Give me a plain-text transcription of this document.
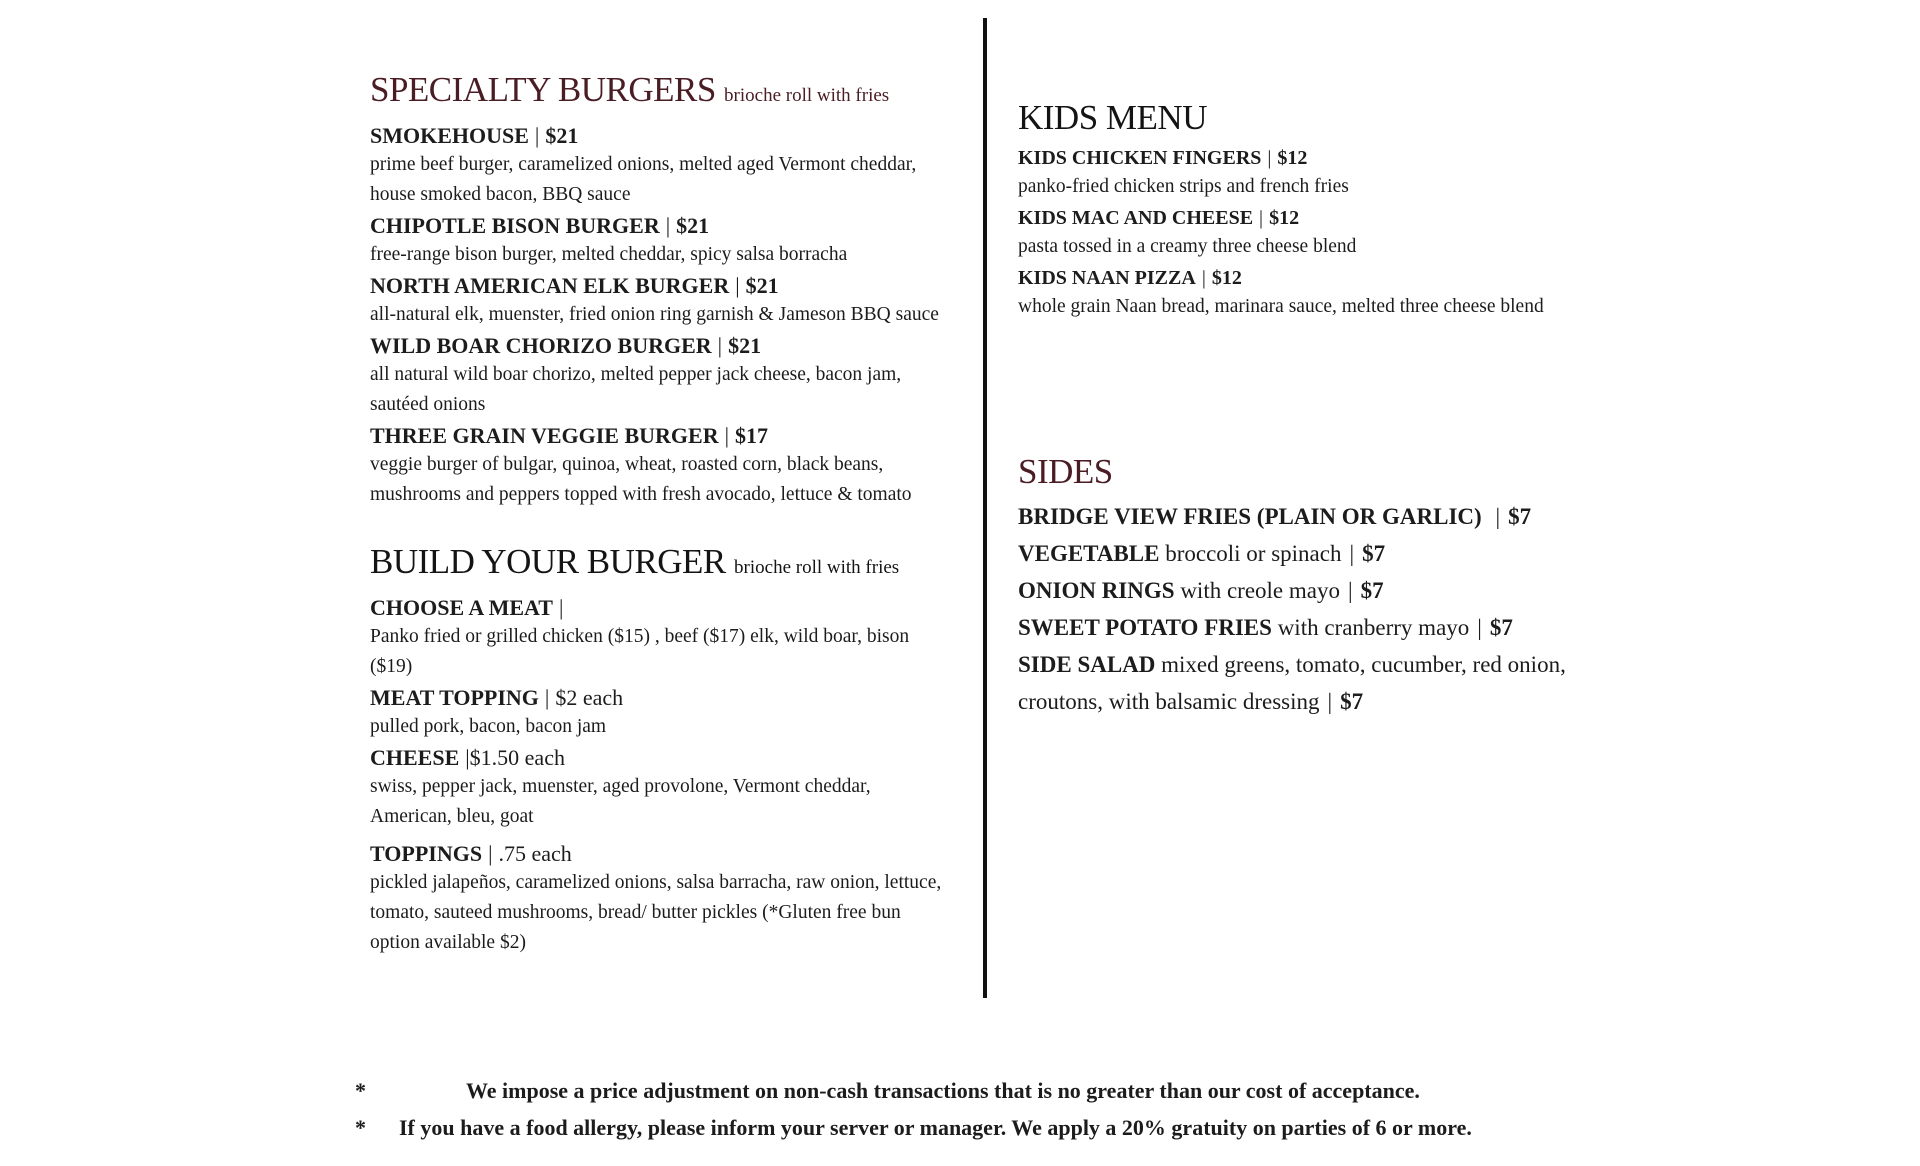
SPECIALTY BURGERS brioche roll with fries
SMOKEHOUSE | $21
prime beef burger, caramelized onions, melted aged Vermont cheddar, house smoked bacon, BBQ sauce
CHIPOTLE BISON BURGER | $21
free-range bison burger, melted cheddar, spicy salsa borracha
NORTH AMERICAN ELK BURGER | $21
all-natural elk, muenster, fried onion ring garnish & Jameson BBQ sauce
WILD BOAR CHORIZO BURGER | $21
all natural wild boar chorizo, melted pepper jack cheese, bacon jam, sautéed onions
THREE GRAIN VEGGIE BURGER | $17
veggie burger of bulgar, quinoa, wheat, roasted corn, black beans, mushrooms and peppers topped with fresh avocado, lettuce & tomato
BUILD YOUR BURGER brioche roll with fries
CHOOSE A MEAT |
Panko fried or grilled chicken ($15) , beef ($17) elk, wild boar, bison ($19)
MEAT TOPPING | $2 each
pulled pork, bacon, bacon jam
CHEESE |$1.50 each
swiss, pepper jack, muenster, aged provolone, Vermont cheddar, American, bleu, goat
TOPPINGS | .75 each
pickled jalapeños, caramelized onions, salsa barracha, raw onion, lettuce, tomato, sauteed mushrooms, bread/ butter pickles (*Gluten free bun option available $2)
KIDS MENU
KIDS CHICKEN FINGERS | $12
panko-fried chicken strips and french fries
KIDS MAC AND CHEESE | $12
pasta tossed in a creamy three cheese blend
KIDS NAAN PIZZA | $12
whole grain Naan bread, marinara sauce, melted three cheese blend
SIDES
BRIDGE VIEW FRIES (PLAIN OR GARLIC) | $7
VEGETABLE broccoli or spinach | $7
ONION RINGS with creole mayo | $7
SWEET POTATO FRIES with cranberry mayo | $7
SIDE SALAD mixed greens, tomato, cucumber, red onion, croutons, with balsamic dressing | $7
*	We impose a price adjustment on non-cash transactions that is no greater than our cost of acceptance.
* If you have a food allergy, please inform your server or manager. We apply a 20% gratuity on parties of 6 or more.
